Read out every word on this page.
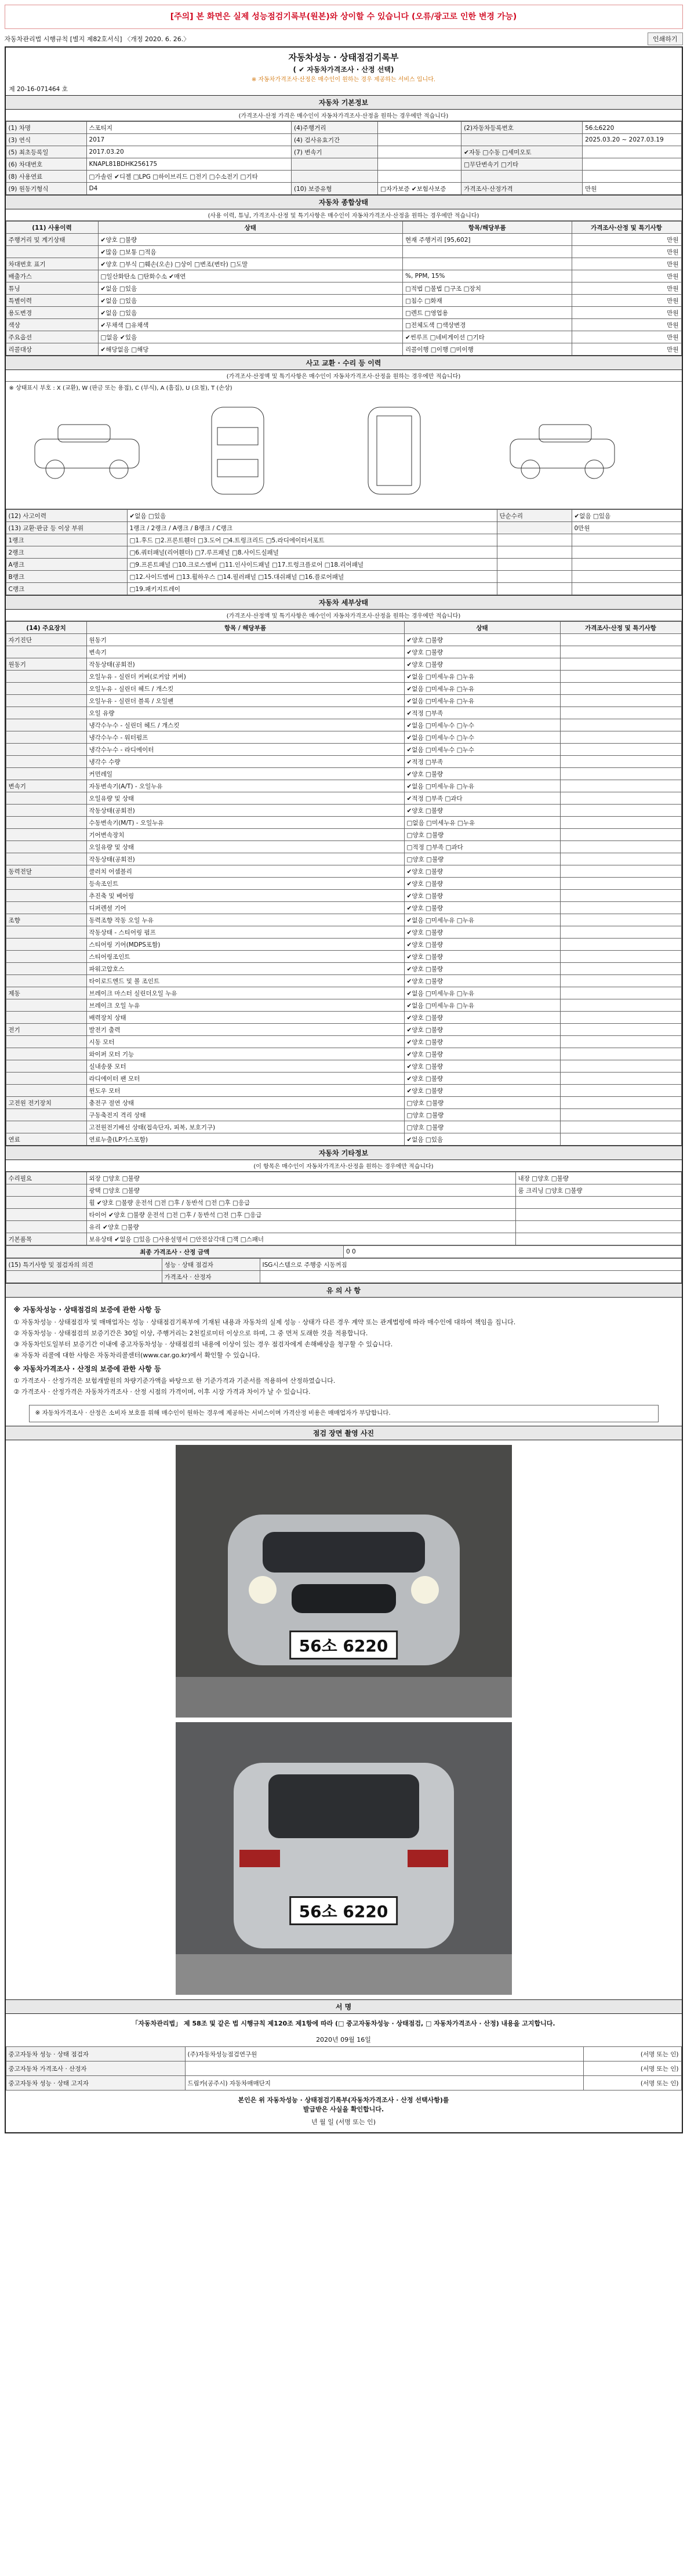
[주의] 본 화면은 실제 성능점검기록부(원본)와 상이할 수 있습니다 (오류/광고로 인한 변경 가능)
자동차관리법 시행규칙 [별지 제82호서식] 〈개정 2020. 6. 26.〉	인쇄하기
자동차성능 · 상태점검기록부
( ✔ 자동차가격조사 · 산정 선택)
※ 자동차가격조사·산정은 매수인이 원하는 경우 제공하는 서비스 입니다.
제 20-16-071464 호
자동차 기본정보
(가격조사·산정 가격은 매수인이 자동차가격조사·산정을 원하는 경우에만 적습니다)
(1) 차명	스포티지	(4)주행거리		(2)자동차등록번호	56소6220
(3) 연식	2017	(4) 검사유효기간			2025.03.20 ~ 2027.03.19
(5) 최초등록일	2017.03.20	(7) 변속기		✔자동 □수동 □세미오토	
(6) 차대번호	KNAPL81BDHK256175			□무단변속기 □기타	
(8) 사용연료	□가솔린 ✔디젤 □LPG □하이브리드 □전기 □수소전기 □기타				
(9) 원동기형식	D4	(10) 보증유형	□자가보증 ✔보험사보증	가격조사·산정가격	만원
자동차 종합상태
(사용 이력, 튜닝, 가격조사·산정 및 특기사항은 매수인이 자동차가격조사·산정을 원하는 경우에만 적습니다)
(11) 사용이력	상태	항목/해당부품	가격조사·산정 및 특기사항
주행거리 및 계기상태	✔양호 □불량	현재 주행거리 [95,602]	만원
	✔많음 □보통 □적음		만원
차대번호 표기	✔양호 □부식 □훼손(오손) □상이 □변조(변타) □도말		만원
배출가스	□일산화탄소 □탄화수소 ✔매연	%, PPM, 15%	만원
튜닝	✔없음 □있음	□적법 □불법 □구조 □장치	만원
특별이력	✔없음 □있음	□침수 □화재	만원
용도변경	✔없음 □있음	□렌트 □영업용	만원
색상	✔무채색 □유채색	□전체도색 □색상변경	만원
주요옵션	□없음 ✔있음	✔썬루프 □네비게이션 □기타	만원
리콜대상	✔해당없음 □해당	리콜이행 □이행 □미이행	만원
사고 교환 · 수리 등 이력
(가격조사·산정액 및 특기사항은 매수인이 자동차가격조사·산정을 원하는 경우에만 적습니다)
※ 상태표시 부호 : X (교환), W (판금 또는 용접), C (부식), A (흠집), U (요철), T (손상)
(12) 사고이력	✔없음 □있음	단순수리	✔없음 □있음
(13) 교환·판금 등 이상 부위	1랭크 / 2랭크 / A랭크 / B랭크 / C랭크		0만원
1랭크	□1.후드 □2.프론트휀더 □3.도어 □4.트렁크리드 □5.라디에이터서포트		
2랭크	□6.쿼터패널(리어휀더) □7.루프패널 □8.사이드실패널		
A랭크	□9.프론트패널 □10.크로스멤버 □11.인사이드패널 □17.트렁크플로어 □18.리어패널		
B랭크	□12.사이드멤버 □13.휠하우스 □14.필러패널 □15.대쉬패널 □16.플로어패널		
C랭크	□19.패키지트레이		
자동차 세부상태
(가격조사·산정액 및 특기사항은 매수인이 자동차가격조사·산정을 원하는 경우에만 적습니다)
(14) 주요장치	항목 / 해당부품	상태	가격조사·산정 및 특기사항
자기진단	원동기	✔양호 □불량	
	변속기	✔양호 □불량	
원동기	작동상태(공회전)	✔양호 □불량	
	오일누유 - 실린더 커버(로커암 커버)	✔없음 □미세누유 □누유	
	오일누유 - 실린더 헤드 / 개스킷	✔없음 □미세누유 □누유	
	오일누유 - 실린더 블록 / 오일팬	✔없음 □미세누유 □누유	
	오일 유량	✔적정 □부족	
	냉각수누수 - 실린더 헤드 / 개스킷	✔없음 □미세누수 □누수	
	냉각수누수 - 워터펌프	✔없음 □미세누수 □누수	
	냉각수누수 - 라디에이터	✔없음 □미세누수 □누수	
	냉각수 수량	✔적정 □부족	
	커먼레일	✔양호 □불량	
변속기	자동변속기(A/T) - 오일누유	✔없음 □미세누유 □누유	
	오일유량 및 상태	✔적정 □부족 □과다	
	작동상태(공회전)	✔양호 □불량	
	수동변속기(M/T) - 오일누유	□없음 □미세누유 □누유	
	기어변속장치	□양호 □불량	
	오일유량 및 상태	□적정 □부족 □과다	
	작동상태(공회전)	□양호 □불량	
동력전달	클러치 어셈블리	✔양호 □불량	
	등속조인트	✔양호 □불량	
	추진축 및 베어링	✔양호 □불량	
	디퍼렌셜 기어	✔양호 □불량	
조향	동력조향 작동 오일 누유	✔없음 □미세누유 □누유	
	작동상태 - 스티어링 펌프	✔양호 □불량	
	스티어링 기어(MDPS포함)	✔양호 □불량	
	스티어링조인트	✔양호 □불량	
	파워고압호스	✔양호 □불량	
	타이로드엔드 및 볼 조인트	✔양호 □불량	
제동	브레이크 마스터 실린더오일 누유	✔없음 □미세누유 □누유	
	브레이크 오일 누유	✔없음 □미세누유 □누유	
	배력장치 상태	✔양호 □불량	
전기	발전기 출력	✔양호 □불량	
	시동 모터	✔양호 □불량	
	와이퍼 모터 기능	✔양호 □불량	
	실내송풍 모터	✔양호 □불량	
	라디에이터 팬 모터	✔양호 □불량	
	윈도우 모터	✔양호 □불량	
고전원 전기장치	충전구 절연 상태	□양호 □불량	
	구동축전지 격리 상태	□양호 □불량	
	고전원전기배선 상태(접속단자, 피복, 보호기구)	□양호 □불량	
연료	연료누출(LP가스포함)	✔없음 □있음	
자동차 기타정보
(이 항목은 매수인이 자동차가격조사·산정을 원하는 경우에만 적습니다)
수리필요	외장 □양호 □불량	내장 □양호 □불량
	광택 □양호 □불량	룸 크리닝 □양호 □불량
	휠 ✔양호 □불량 운전석 □전 □후 / 동반석 □전 □후 □응급	
	타이어 ✔양호 □불량 운전석 □전 □후 / 동반석 □전 □후 □응급	
	유리 ✔양호 □불량	
기본품목	보유상태 ✔없음 □있음 □사용설명서 □안전삼각대 □잭 □스패너	
최종 가격조사 · 산정 금액	0 0
(15) 특기사항 및 점검자의 의견	성능 · 상태 점검자	ISG시스템으로 주행중 시동꺼짐
	가격조사 · 산정자	
유 의 사 항
※ 자동차성능 · 상태점검의 보증에 관한 사항 등
① 자동차성능 · 상태점검자 및 매매업자는 성능 · 상태점검기록부에 기재된 내용과 자동차의 실제 성능 · 상태가 다른 경우 계약 또는 관계법령에 따라 매수인에 대하여 책임을 집니다.
② 자동차성능 · 상태점검의 보증기간은 30일 이상, 주행거리는 2천킬로미터 이상으로 하며, 그 중 먼저 도래한 것을 적용합니다.
③ 자동차인도일부터 보증기간 이내에 중고자동차성능 · 상태점검의 내용에 이상이 있는 경우 점검자에게 손해배상을 청구할 수 있습니다.
④ 자동차 리콜에 대한 사항은 자동차리콜센터(www.car.go.kr)에서 확인할 수 있습니다.
※ 자동차가격조사 · 산정의 보증에 관한 사항 등
① 가격조사 · 산정가격은 보험개발원의 차량기준가액을 바탕으로 한 기준가격과 기준서를 적용하여 산정하였습니다.
② 가격조사 · 산정가격은 자동차가격조사 · 산정 시점의 가격이며, 이후 시장 가격과 차이가 날 수 있습니다.
※ 자동차가격조사 · 산정은 소비자 보호를 위해 매수인이 원하는 경우에 제공하는 서비스이며 가격산정 비용은 매매업자가 부담합니다.
점검 장면 촬영 사진
56소 6220
56소 6220
서 명
「자동차관리법」 제 58조 및 같은 법 시행규칙 제120조 제1항에 따라 (□ 중고자동차성능 · 상태점검, □ 자동차가격조사 · 산정) 내용을 고지합니다.
2020년 09월 16일
중고자동차 성능 · 상태 점검자	(주)자동차성능점검연구원	(서명 또는 인)
중고자동차 가격조사 · 산정자		(서명 또는 인)
중고자동차 성능 · 상태 고지자	드림카(공주시) 자동차매매단지	(서명 또는 인)
본인은 위 자동차성능 · 상태점검기록부(자동차가격조사 · 산정 선택사항)를
발급받은 사실을 확인합니다.
년 월 일 (서명 또는 인)
